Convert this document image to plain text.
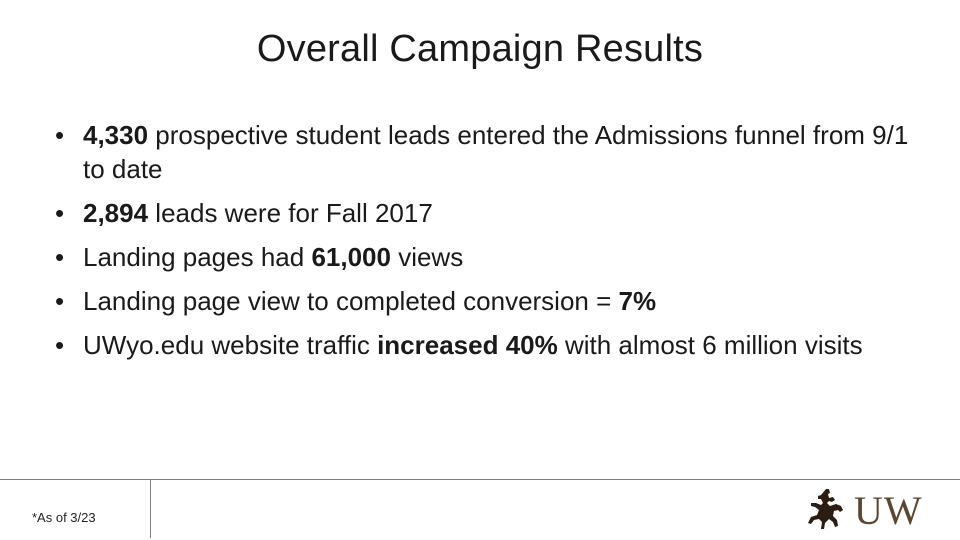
Overall Campaign Results
• 4,330 prospective student leads entered the Admissions funnel from 9/1 to date
• 2,894 leads were for Fall 2017
• Landing pages had 61,000 views
• Landing page view to completed conversion = 7%
• UWyo.edu website traffic increased 40% with almost 6 million visits
*As of 3/23	UW
